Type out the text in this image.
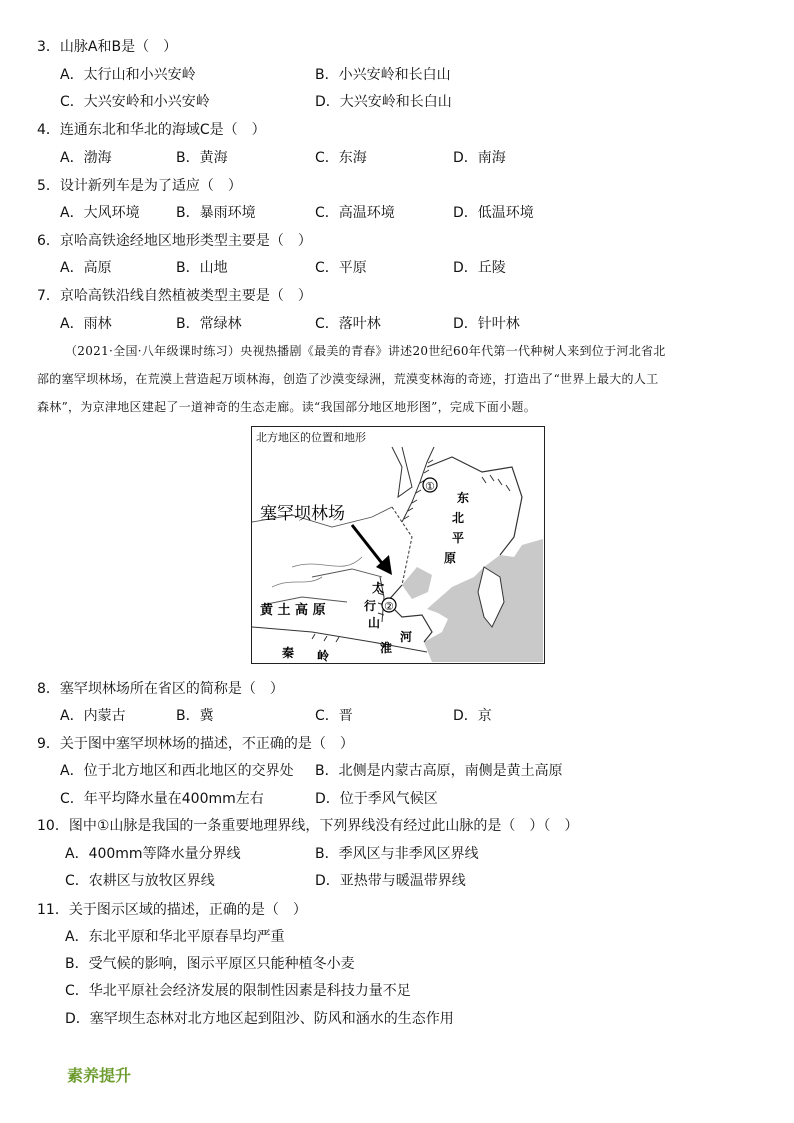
3．山脉A和B是（　）
A．太行山和小兴安岭	B．小兴安岭和长白山
C．大兴安岭和小兴安岭	D．大兴安岭和长白山
4．连通东北和华北的海域C是（　）
A．渤海	B．黄海	C．东海	D．南海
5．设计新列车是为了适应（　）
A．大风环境	B．暴雨环境	C．高温环境	D．低温环境
6．京哈高铁途经地区地形类型主要是（　）
A．高原	B．山地	C．平原	D．丘陵
7．京哈高铁沿线自然植被类型主要是（　）
A．雨林	B．常绿林	C．落叶林	D．针叶林

（2021·全国·八年级课时练习）央视热播剧《最美的青春》讲述20世纪60年代第一代种树人来到位于河北省北

部的塞罕坝林场，在荒漠上营造起万顷林海，创造了沙漠变绿洲，荒漠变林海的奇迹，打造出了“世界上最大的人工

森林”，为京津地区建起了一道神奇的生态走廊。读“我国部分地区地形图”，完成下面小题。

北方地区的位置和地形
塞罕坝林场
①
②
东
北
平
原
太
行
山
黄 土 高 原
秦 岭
淮
河
8．塞罕坝林场所在省区的简称是（　）
A．内蒙古	B．冀	C．晋	D．京
9．关于图中塞罕坝林场的描述，不正确的是（　）
A．位于北方地区和西北地区的交界处 B．北侧是内蒙古高原，南侧是黄土高原
C．年平均降水量在400mm左右	D．位于季风气候区
10．图中①山脉是我国的一条重要地理界线，下列界线没有经过此山脉的是（　）（　）
A．400mm等降水量分界线	B．季风区与非季风区界线
C．农耕区与放牧区界线	D．亚热带与暖温带界线
11．关于图示区域的描述，正确的是（　）
A．东北平原和华北平原春旱均严重
B．受气候的影响，图示平原区只能种植冬小麦
C．华北平原社会经济发展的限制性因素是科技力量不足
D．塞罕坝生态林对北方地区起到阻沙、防风和涵水的生态作用
素养提升
